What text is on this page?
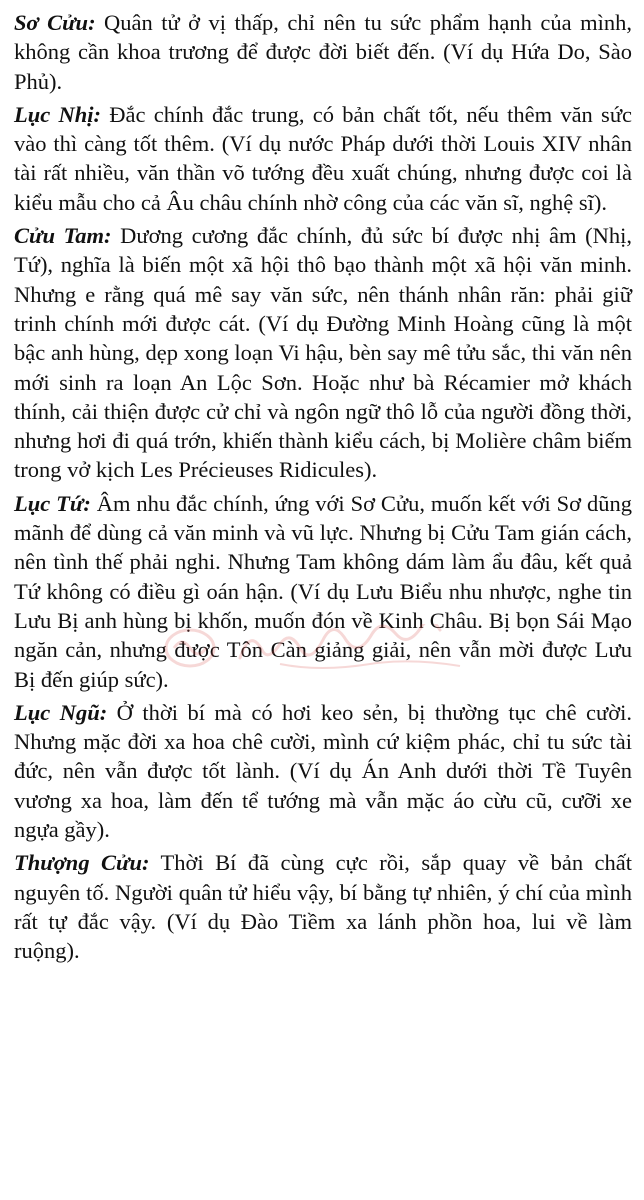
Sơ Cửu: Quân tử ở vị thấp, chỉ nên tu sức phẩm hạnh của mình, không cần khoa trương để được đời biết đến. (Ví dụ Hứa Do, Sào Phủ).

Lục Nhị: Đắc chính đắc trung, có bản chất tốt, nếu thêm văn sức vào thì càng tốt thêm. (Ví dụ nước Pháp dưới thời Louis XIV nhân tài rất nhiều, văn thần võ tướng đều xuất chúng, nhưng được coi là kiểu mẫu cho cả Âu châu chính nhờ công của các văn sĩ, nghệ sĩ).

Cửu Tam: Dương cương đắc chính, đủ sức bí được nhị âm (Nhị, Tứ), nghĩa là biến một xã hội thô bạo thành một xã hội văn minh. Nhưng e rằng quá mê say văn sức, nên thánh nhân răn: phải giữ trinh chính mới được cát. (Ví dụ Đường Minh Hoàng cũng là một bậc anh hùng, dẹp xong loạn Vi hậu, bèn say mê tửu sắc, thi văn nên mới sinh ra loạn An Lộc Sơn. Hoặc như bà Récamier mở khách thính, cải thiện được cử chỉ và ngôn ngữ thô lỗ của người đồng thời, nhưng hơi đi quá trớn, khiến thành kiểu cách, bị Molière châm biếm trong vở kịch Les Précieuses Ridicules).

Lục Tứ: Âm nhu đắc chính, ứng với Sơ Cửu, muốn kết với Sơ dũng mãnh để dùng cả văn minh và vũ lực. Nhưng bị Cửu Tam gián cách, nên tình thế phải nghi. Nhưng Tam không dám làm ẩu đâu, kết quả Tứ không có điều gì oán hận. (Ví dụ Lưu Biểu nhu nhược, nghe tin Lưu Bị anh hùng bị khốn, muốn đón về Kinh Châu. Bị bọn Sái Mạo ngăn cản, nhưng được Tôn Càn giảng giải, nên vẫn mời được Lưu Bị đến giúp sức).

Lục Ngũ: Ở thời bí mà có hơi keo sẻn, bị thường tục chê cười. Nhưng mặc đời xa hoa chê cười, mình cứ kiệm phác, chỉ tu sức tài đức, nên vẫn được tốt lành. (Ví dụ Án Anh dưới thời Tề Tuyên vương xa hoa, làm đến tể tướng mà vẫn mặc áo cừu cũ, cưỡi xe ngựa gầy).

Thượng Cửu: Thời Bí đã cùng cực rồi, sắp quay về bản chất nguyên tố. Người quân tử hiểu vậy, bí bằng tự nhiên, ý chí của mình rất tự đắc vậy. (Ví dụ Đào Tiềm xa lánh phồn hoa, lui về làm ruộng).
